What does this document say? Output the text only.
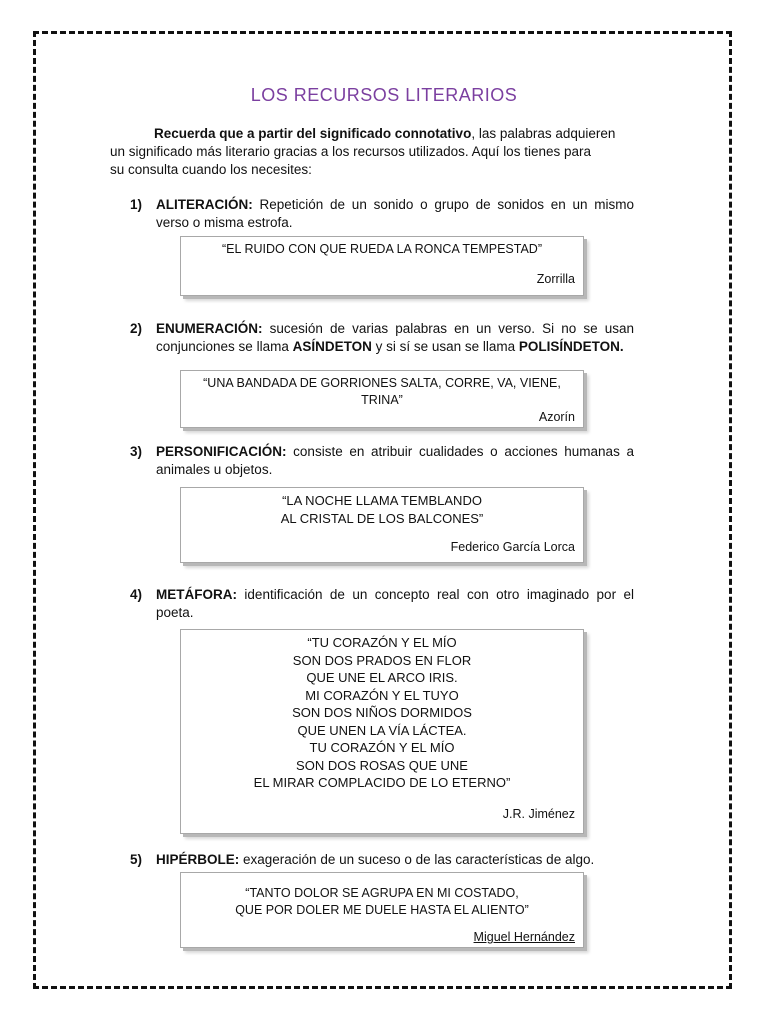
LOS RECURSOS LITERARIOS

Recuerda que a partir del significado connotativo, las palabras adquieren

un significado más literario gracias a los recursos utilizados. Aquí los tienes para

su consulta cuando los necesites:

1)	ALITERACIÓN: Repetición de un sonido o grupo de sonidos en un mismo verso o misma estrofa.
“EL RUIDO CON QUE RUEDA LA RONCA TEMPESTAD”
Zorrilla
2)	ENUMERACIÓN: sucesión de varias palabras en un verso. Si no se usan conjunciones se llama ASÍNDETON y si sí se usan se llama POLISÍNDETON.
“UNA BANDADA DE GORRIONES SALTA, CORRE, VA, VIENE,
TRINA”
Azorín
3)	PERSONIFICACIÓN: consiste en atribuir cualidades o acciones humanas a animales u objetos.
“LA NOCHE LLAMA TEMBLANDO
AL CRISTAL DE LOS BALCONES”
Federico García Lorca
4)	METÁFORA: identificación de un concepto real con otro imaginado por el poeta.
“TU CORAZÓN Y EL MÍO
SON DOS PRADOS EN FLOR
QUE UNE EL ARCO IRIS.
MI CORAZÓN Y EL TUYO
SON DOS NIÑOS DORMIDOS
QUE UNEN LA VÍA LÁCTEA.
TU CORAZÓN Y EL MÍO
SON DOS ROSAS QUE UNE
EL MIRAR COMPLACIDO DE LO ETERNO”
J.R. Jiménez
5)	HIPÉRBOLE: exageración de un suceso o de las características de algo.
“TANTO DOLOR SE AGRUPA EN MI COSTADO,
QUE POR DOLER ME DUELE HASTA EL ALIENTO”
Miguel Hernández
